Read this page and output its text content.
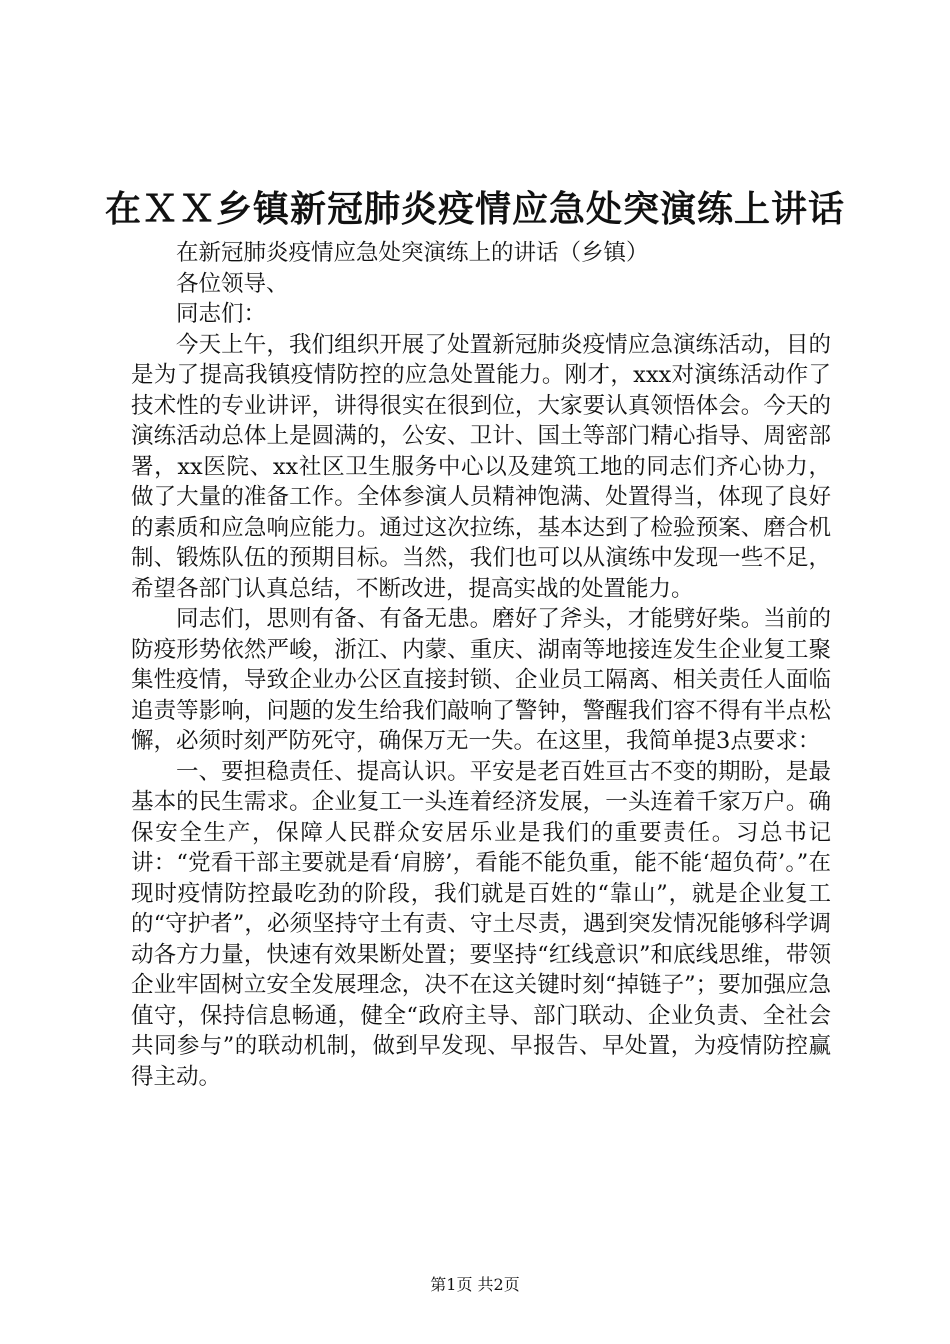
在ＸＸ乡镇新冠肺炎疫情应急处突演练上讲话

在新冠肺炎疫情应急处突演练上的讲话（乡镇）

各位领导、

同志们：

今天上午，我们组织开展了处置新冠肺炎疫情应急演练活动，目的是为了提高我镇疫情防控的应急处置能力。刚才，xxx对演练活动作了技术性的专业讲评，讲得很实在很到位，大家要认真领悟体会。今天的演练活动总体上是圆满的，公安、卫计、国土等部门精心指导、周密部署，xx医院、xx社区卫生服务中心以及建筑工地的同志们齐心协力，做了大量的准备工作。全体参演人员精神饱满、处置得当，体现了良好的素质和应急响应能力。通过这次拉练，基本达到了检验预案、磨合机制、锻炼队伍的预期目标。当然，我们也可以从演练中发现一些不足，希望各部门认真总结，不断改进，提高实战的处置能力。

同志们，思则有备、有备无患。磨好了斧头，才能劈好柴。当前的防疫形势依然严峻，浙江、内蒙、重庆、湖南等地接连发生企业复工聚集性疫情，导致企业办公区直接封锁、企业员工隔离、相关责任人面临追责等影响，问题的发生给我们敲响了警钟，警醒我们容不得有半点松懈，必须时刻严防死守，确保万无一失。在这里，我简单提3点要求：

一、要担稳责任、提高认识。平安是老百姓亘古不变的期盼，是最基本的民生需求。企业复工一头连着经济发展，一头连着千家万户。确保安全生产，保障人民群众安居乐业是我们的重要责任。习总书记讲：“党看干部主要就是看‘肩膀’，看能不能负重，能不能‘超负荷’。”在现时疫情防控最吃劲的阶段，我们就是百姓的“靠山”，就是企业复工的“守护者”，必须坚持守土有责、守土尽责，遇到突发情况能够科学调动各方力量，快速有效果断处置；要坚持“红线意识”和底线思维，带领企业牢固树立安全发展理念，决不在这关键时刻“掉链子”；要加强应急值守，保持信息畅通，健全“政府主导、部门联动、企业负责、全社会共同参与”的联动机制，做到早发现、早报告、早处置，为疫情防控赢得主动。

第1页 共2页
